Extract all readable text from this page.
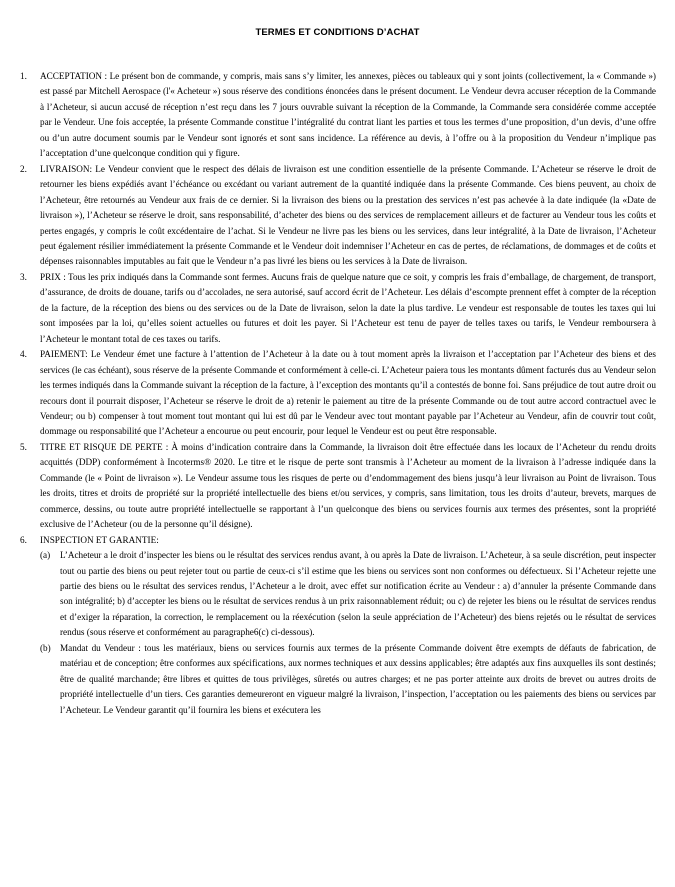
TERMES ET CONDITIONS D’ACHAT
1. ACCEPTATION : Le présent bon de commande, y compris, mais sans s’y limiter, les annexes, pièces ou tableaux qui y sont joints (collectivement, la « Commande ») est passé par Mitchell Aerospace (l'« Acheteur ») sous réserve des conditions énoncées dans le présent document. Le Vendeur devra accuser réception de la Commande à l’Acheteur, si aucun accusé de réception n’est reçu dans les 7 jours ouvrable suivant la réception de la Commande, la Commande sera considérée comme acceptée par le Vendeur. Une fois acceptée, la présente Commande constitue l’intégralité du contrat liant les parties et tous les termes d’une proposition, d’un devis, d’une offre ou d’un autre document soumis par le Vendeur sont ignorés et sont sans incidence. La référence au devis, à l’offre ou à la proposition du Vendeur n’implique pas l’acceptation d’une quelconque condition qui y figure.
2. LIVRAISON: Le Vendeur convient que le respect des délais de livraison est une condition essentielle de la présente Commande. L’Acheteur se réserve le droit de retourner les biens expédiés avant l’échéance ou excédant ou variant autrement de la quantité indiquée dans la présente Commande. Ces biens peuvent, au choix de l’Acheteur, être retournés au Vendeur aux frais de ce dernier. Si la livraison des biens ou la prestation des services n’est pas achevée à la date indiquée (la «Date de livraison »), l’Acheteur se réserve le droit, sans responsabilité, d’acheter des biens ou des services de remplacement ailleurs et de facturer au Vendeur tous les coûts et pertes engagés, y compris le coût excédentaire de l’achat. Si le Vendeur ne livre pas les biens ou les services, dans leur intégralité, à la Date de livraison, l’Acheteur peut également résilier immédiatement la présente Commande et le Vendeur doit indemniser l’Acheteur en cas de pertes, de réclamations, de dommages et de coûts et dépenses raisonnables imputables au fait que le Vendeur n’a pas livré les biens ou les services à la Date de livraison.
3. PRIX : Tous les prix indiqués dans la Commande sont fermes. Aucuns frais de quelque nature que ce soit, y compris les frais d’emballage, de chargement, de transport, d’assurance, de droits de douane, tarifs ou d’accolades, ne sera autorisé, sauf accord écrit de l’Acheteur. Les délais d’escompte prennent effet à compter de la réception de la facture, de la réception des biens ou des services ou de la Date de livraison, selon la date la plus tardive. Le vendeur est responsable de toutes les taxes qui lui sont imposées par la loi, qu’elles soient actuelles ou futures et doit les payer. Si l’Acheteur est tenu de payer de telles taxes ou tarifs, le Vendeur remboursera à l’Acheteur le montant total de ces taxes ou tarifs.
4. PAIEMENT: Le Vendeur émet une facture à l’attention de l’Acheteur à la date ou à tout moment après la livraison et l’acceptation par l’Acheteur des biens et des services (le cas échéant), sous réserve de la présente Commande et conformément à celle-ci. L’Acheteur paiera tous les montants dûment facturés dus au Vendeur selon les termes indiqués dans la Commande suivant la réception de la facture, à l’exception des montants qu’il a contestés de bonne foi. Sans préjudice de tout autre droit ou recours dont il pourrait disposer, l’Acheteur se réserve le droit de a) retenir le paiement au titre de la présente Commande ou de tout autre accord contractuel avec le Vendeur; ou b) compenser à tout moment tout montant qui lui est dû par le Vendeur avec tout montant payable par l’Acheteur au Vendeur, afin de couvrir tout coût, dommage ou responsabilité que l’Acheteur a encourue ou peut encourir, pour lequel le Vendeur est ou peut être responsable.
5. TITRE ET RISQUE DE PERTE : À moins d’indication contraire dans la Commande, la livraison doit être effectuée dans les locaux de l’Acheteur du rendu droits acquittés (DDP) conformément à Incoterms® 2020. Le titre et le risque de perte sont transmis à l’Acheteur au moment de la livraison à l’adresse indiquée dans la Commande (le « Point de livraison »). Le Vendeur assume tous les risques de perte ou d’endommagement des biens jusqu’à leur livraison au Point de livraison. Tous les droits, titres et droits de propriété sur la propriété intellectuelle des biens et/ou services, y compris, sans limitation, tous les droits d’auteur, brevets, marques de commerce, dessins, ou toute autre propriété intellectuelle se rapportant à l’un quelconque des biens ou services fournis aux termes des présentes, sont la propriété exclusive de l’Acheteur (ou de la personne qu’il désigne).
6. INSPECTION ET GARANTIE:
(a) L’Acheteur a le droit d’inspecter les biens ou le résultat des services rendus avant, à ou après la Date de livraison. L’Acheteur, à sa seule discrétion, peut inspecter tout ou partie des biens ou peut rejeter tout ou partie de ceux-ci s’il estime que les biens ou services sont non conformes ou défectueux. Si l’Acheteur rejette une partie des biens ou le résultat des services rendus, l’Acheteur a le droit, avec effet sur notification écrite au Vendeur : a) d’annuler la présente Commande dans son intégralité; b) d’accepter les biens ou le résultat de services rendus à un prix raisonnablement réduit; ou c) de rejeter les biens ou le résultat de services rendus et d’exiger la réparation, la correction, le remplacement ou la réexécution (selon la seule appréciation de l’Acheteur) des biens rejetés ou le résultat de services rendus (sous réserve et conformément au paragraphe6(c) ci-dessous).
(b) Mandat du Vendeur : tous les matériaux, biens ou services fournis aux termes de la présente Commande doivent être exempts de défauts de fabrication, de matériau et de conception; être conformes aux spécifications, aux normes techniques et aux dessins applicables; être adaptés aux fins auxquelles ils sont destinés; être de qualité marchande; être libres et quittes de tous privilèges, sûretés ou autres charges; et ne pas porter atteinte aux droits de brevet ou autres droits de propriété intellectuelle d’un tiers. Ces garanties demeureront en vigueur malgré la livraison, l’inspection, l’acceptation ou les paiements des biens ou services par l’Acheteur. Le Vendeur garantit qu’il fournira les biens et exécutera les
